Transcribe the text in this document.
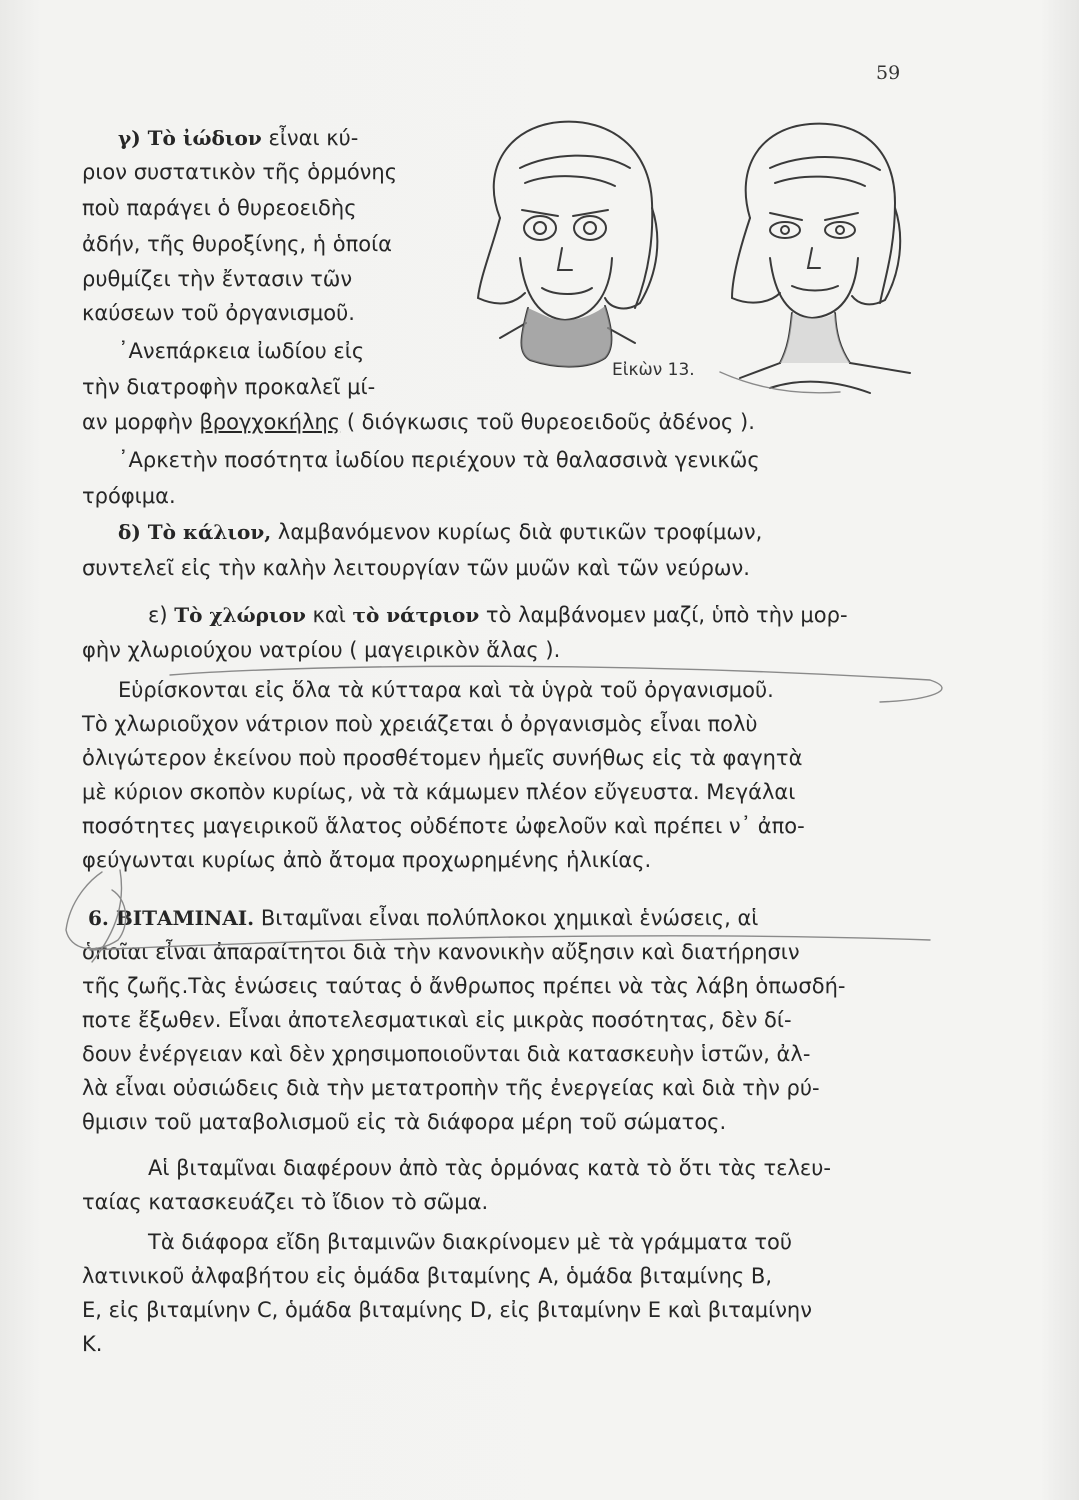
59
Εἰκὼν 13.
γ) Τὸ ἰώδιον εἶναι κύ-
ριον συστατικὸν τῆς ὁρμόνης
ποὺ παράγει ὁ θυρεοειδὴς
ἀδήν, τῆς θυροξίνης, ἡ ὁποία
ρυθμίζει τὴν ἔντασιν τῶν
καύσεων τοῦ ὀργανισμοῦ.
᾿Ανεπάρκεια ἰωδίου εἰς
τὴν διατροφὴν προκαλεῖ μί-
αν μορφὴν βρογχοκήλης ( διόγκωσις τοῦ θυρεοειδοῦς ἀδένος ).
᾿Αρκετὴν ποσότητα ἰωδίου περιέχουν τὰ θαλασσινὰ γενικῶς
τρόφιμα.
δ) Τὸ κάλιον, λαμβανόμενον κυρίως διὰ φυτικῶν τροφίμων,
συντελεῖ εἰς τὴν καλὴν λειτουργίαν τῶν μυῶν καὶ τῶν νεύρων.
ε) Τὸ χλώριον καὶ τὸ νάτριον τὸ λαμβάνομεν μαζί, ὑπὸ τὴν μορ-
φὴν χλωριούχου νατρίου ( μαγειρικὸν ἅλας ).
Εὑρίσκονται εἰς ὅλα τὰ κύτταρα καὶ τὰ ὑγρὰ τοῦ ὀργανισμοῦ.
Τὸ χλωριοῦχον νάτριον ποὺ χρειάζεται ὁ ὀργανισμὸς εἶναι πολὺ
ὀλιγώτερον ἐκείνου ποὺ προσθέτομεν ἡμεῖς συνήθως εἰς τὰ φαγητὰ
μὲ κύριον σκοπὸν κυρίως, νὰ τὰ κάμωμεν πλέον εὔγευστα. Μεγάλαι
ποσότητες μαγειρικοῦ ἅλατος οὐδέποτε ὠφελοῦν καὶ πρέπει ν᾿ ἀπο-
φεύγωνται κυρίως ἀπὸ ἄτομα προχωρημένης ἡλικίας.
6. ΒΙΤΑΜΙΝΑΙ. Βιταμῖναι εἶναι πολύπλοκοι χημικαὶ ἑνώσεις, αἱ
ὁποῖαι εἶναι ἀπαραίτητοι διὰ τὴν κανονικὴν αὔξησιν καὶ διατήρησιν
τῆς ζωῆς.Τὰς ἑνώσεις ταύτας ὁ ἄνθρωπος πρέπει νὰ τὰς λάβη ὁπωσδή-
ποτε ἔξωθεν. Εἶναι ἀποτελεσματικαὶ εἰς μικρὰς ποσότητας, δὲν δί-
δουν ἐνέργειαν καὶ δὲν χρησιμοποιοῦνται διὰ κατασκευὴν ἱστῶν, ἀλ-
λὰ εἶναι οὐσιώδεις διὰ τὴν μετατροπὴν τῆς ἐνεργείας καὶ διὰ τὴν ρύ-
θμισιν τοῦ ματαβολισμοῦ εἰς τὰ διάφορα μέρη τοῦ σώματος.
Αἱ βιταμῖναι διαφέρουν ἀπὸ τὰς ὁρμόνας κατὰ τὸ ὅτι τὰς τελευ-
ταίας κατασκευάζει τὸ ἴδιον τὸ σῶμα.
Τὰ διάφορα εἴδη βιταμινῶν διακρίνομεν μὲ τὰ γράμματα τοῦ
λατινικοῦ ἀλφαβήτου εἰς ὁμάδα βιταμίνης Α, ὁμάδα βιταμίνης Β,
Ε, εἰς βιταμίνην C, ὁμάδα βιταμίνης D, εἰς βιταμίνην Ε καὶ βιταμίνην
Κ.
